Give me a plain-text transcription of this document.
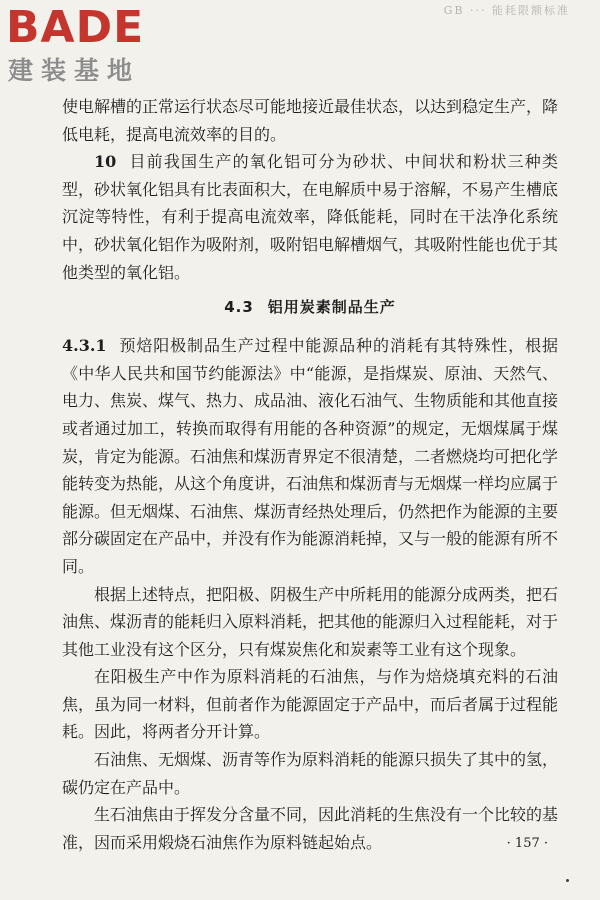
BADE
建装基地
GB ··· 能耗限额标准

使电解槽的正常运行状态尽可能地接近最佳状态，以达到稳定生产，降低电耗，提高电流效率的目的。

10 目前我国生产的氧化铝可分为砂状、中间状和粉状三种类型，砂状氧化铝具有比表面积大，在电解质中易于溶解，不易产生槽底沉淀等特性，有利于提高电流效率，降低能耗，同时在干法净化系统中，砂状氧化铝作为吸附剂，吸附铝电解槽烟气，其吸附性能也优于其他类型的氧化铝。

4.3 铝用炭素制品生产

4.3.1 预焙阳极制品生产过程中能源品种的消耗有其特殊性，根据《中华人民共和国节约能源法》中“能源，是指煤炭、原油、天然气、电力、焦炭、煤气、热力、成品油、液化石油气、生物质能和其他直接或者通过加工，转换而取得有用能的各种资源”的规定，无烟煤属于煤炭，肯定为能源。石油焦和煤沥青界定不很清楚，二者燃烧均可把化学能转变为热能，从这个角度讲，石油焦和煤沥青与无烟煤一样均应属于能源。但无烟煤、石油焦、煤沥青经热处理后，仍然把作为能源的主要部分碳固定在产品中，并没有作为能源消耗掉，又与一般的能源有所不同。

根据上述特点，把阳极、阴极生产中所耗用的能源分成两类，把石油焦、煤沥青的能耗归入原料消耗，把其他的能源归入过程能耗，对于其他工业没有这个区分，只有煤炭焦化和炭素等工业有这个现象。

在阳极生产中作为原料消耗的石油焦，与作为焙烧填充料的石油焦，虽为同一材料，但前者作为能源固定于产品中，而后者属于过程能耗。因此，将两者分开计算。

石油焦、无烟煤、沥青等作为原料消耗的能源只损失了其中的氢，碳仍定在产品中。

生石油焦由于挥发分含量不同，因此消耗的生焦没有一个比较的基准，因而采用煅烧石油焦作为原料链起始点。	· 157 ·
